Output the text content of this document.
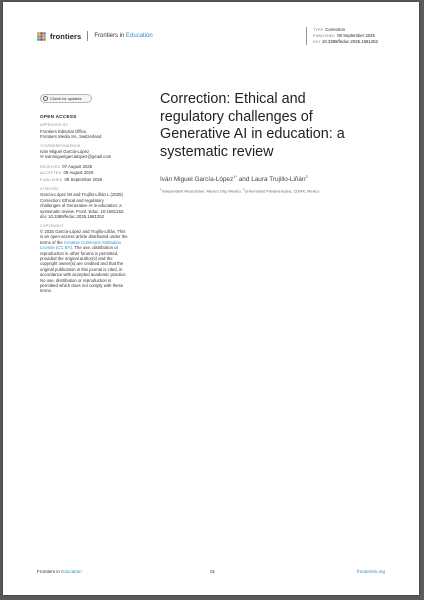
frontiers Frontiers in Education
TYPE Correction
PUBLISHED 08 September 2025
DOI 10.3389/feduc.2025.1681252
Check for updates
OPEN ACCESS
APPROVED BY
Frontiers Editorial Office,
Frontiers Media SA, Switzerland
*CORRESPONDENCE
Iván Miguel García-López
✉ ivanmiguelgarcialopez@gmail.com
RECEIVED 07 August 2025
ACCEPTED 08 August 2025
PUBLISHED 08 September 2025
CITATION
García-López IM and Trujillo-Liñán L (2025)
Correction: Ethical and regulatory
challenges of Generative AI in education: a
systematic review. Front. Educ. 10:1681252.
doi: 10.3389/feduc.2025.1681252
COPYRIGHT
© 2025 García-López and Trujillo-Liñán. This
is an open-access article distributed under the
terms of the Creative Commons Attribution
License (CC BY). The use, distribution or
reproduction in other forums is permitted,
provided the original author(s) and the
copyright owner(s) are credited and that the
original publication in this journal is cited, in
accordance with accepted academic practice.
No use, distribution or reproduction is
permitted which does not comply with these
terms.
Correction: Ethical and
regulatory challenges of
Generative AI in education: a
systematic review
Iván Miguel García-López$^{1*}$ and Laura Trujillo-Liñán$^2$
$^1$Independent Researcher, Mexico City, Mexico, $^2$Universidad Panamericana, CDMX, Mexico
Frontiers in Education	01	frontiersin.org
